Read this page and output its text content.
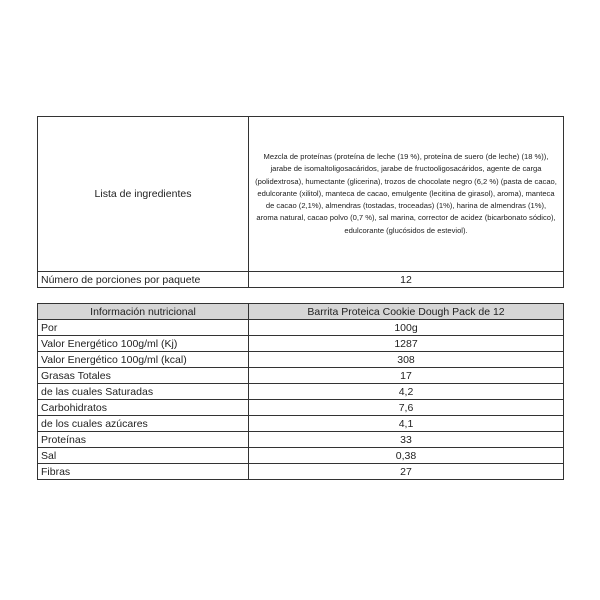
Lista de ingredientes	Mezcla de proteínas (proteína de leche (19 %), proteína de suero (de leche) (18 %)), jarabe de isomaltoligosacáridos, jarabe de fructooligosacáridos, agente de carga (polidextrosa), humectante (glicerina), trozos de chocolate negro (6,2 %) (pasta de cacao, edulcorante (xilitol), manteca de cacao, emulgente (lecitina de girasol), aroma), manteca de cacao (2,1%), almendras (tostadas, troceadas) (1%), harina de almendras (1%), aroma natural, cacao polvo (0,7 %), sal marina, corrector de acidez (bicarbonato sódico), edulcorante (glucósidos de esteviol).
Número de porciones por paquete	12
Información nutricional	Barrita Proteica Cookie Dough Pack de 12
Por	100g
Valor Energético 100g/ml (Kj)	1287
Valor Energético 100g/ml (kcal)	308
Grasas Totales	17
de las cuales Saturadas	4,2
Carbohidratos	7,6
de los cuales azúcares	4,1
Proteínas	33
Sal	0,38
Fibras	27
